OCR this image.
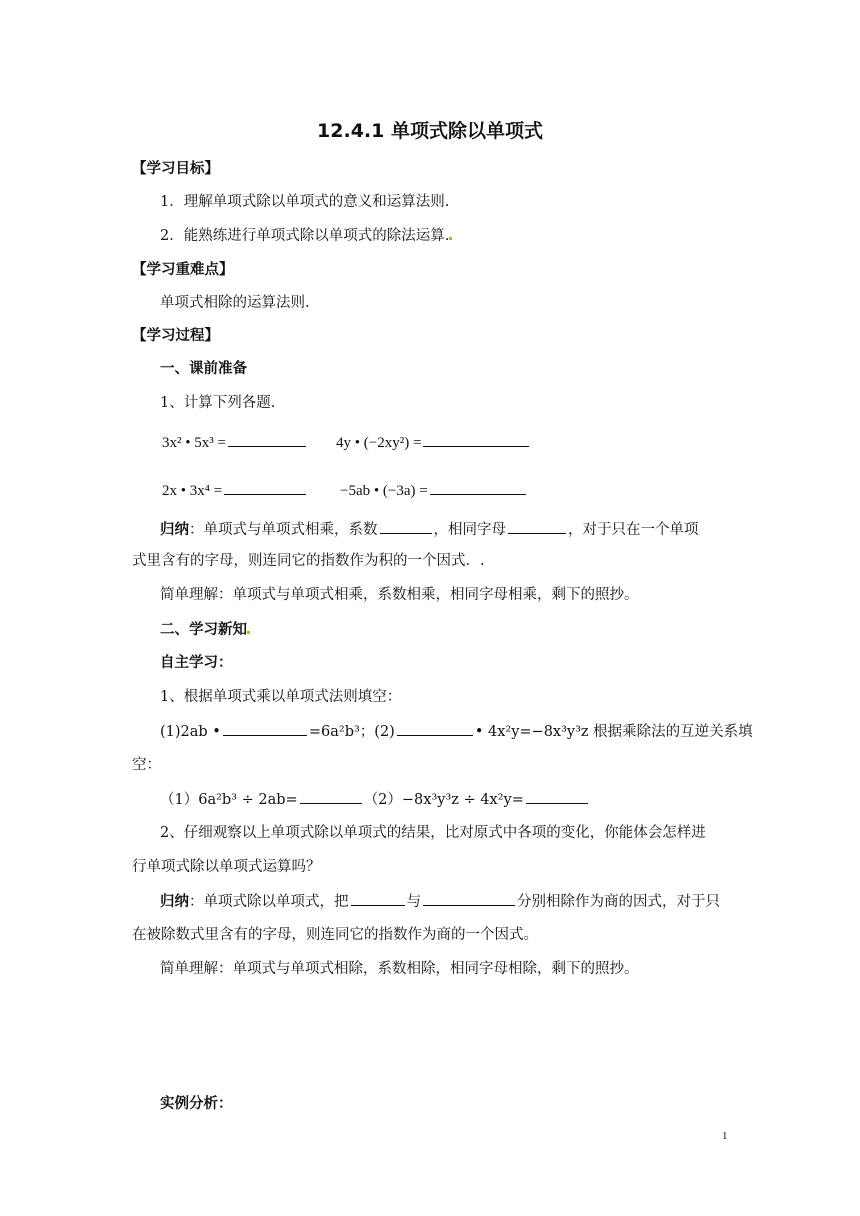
12.4.1 单项式除以单项式
【学习目标】
1．理解单项式除以单项式的意义和运算法则.
2．能熟练进行单项式除以单项式的除法运算.
【学习重难点】
单项式相除的运算法则.
【学习过程】
一、课前准备
1、计算下列各题.
3x² • 5x³ =	4y • (−2xy²) =
2x • 3x⁴ =	−5ab • (−3a) =
归纳：单项式与单项式相乘，系数	，相同字母	，对于只在一个单项
式里含有的字母，则连同它的指数作为积的一个因式．.
简单理解：单项式与单项式相乘，系数相乘，相同字母相乘，剩下的照抄。
二、学习新知
自主学习：
1、根据单项式乘以单项式法则填空：
(1)2ab •	=6a²b³；(2)	• 4x²y=−8x³y³z 根据乘除法的互逆关系填
空：
（1）6a²b³ ÷ 2ab=	（2）−8x³y³z ÷ 4x²y=
2、仔细观察以上单项式除以单项式的结果，比对原式中各项的变化，你能体会怎样进
行单项式除以单项式运算吗？
归纳：单项式除以单项式，把	与	分别相除作为商的因式，对于只
在被除数式里含有的字母，则连同它的指数作为商的一个因式。
简单理解：单项式与单项式相除，系数相除，相同字母相除，剩下的照抄。
实例分析：
1
